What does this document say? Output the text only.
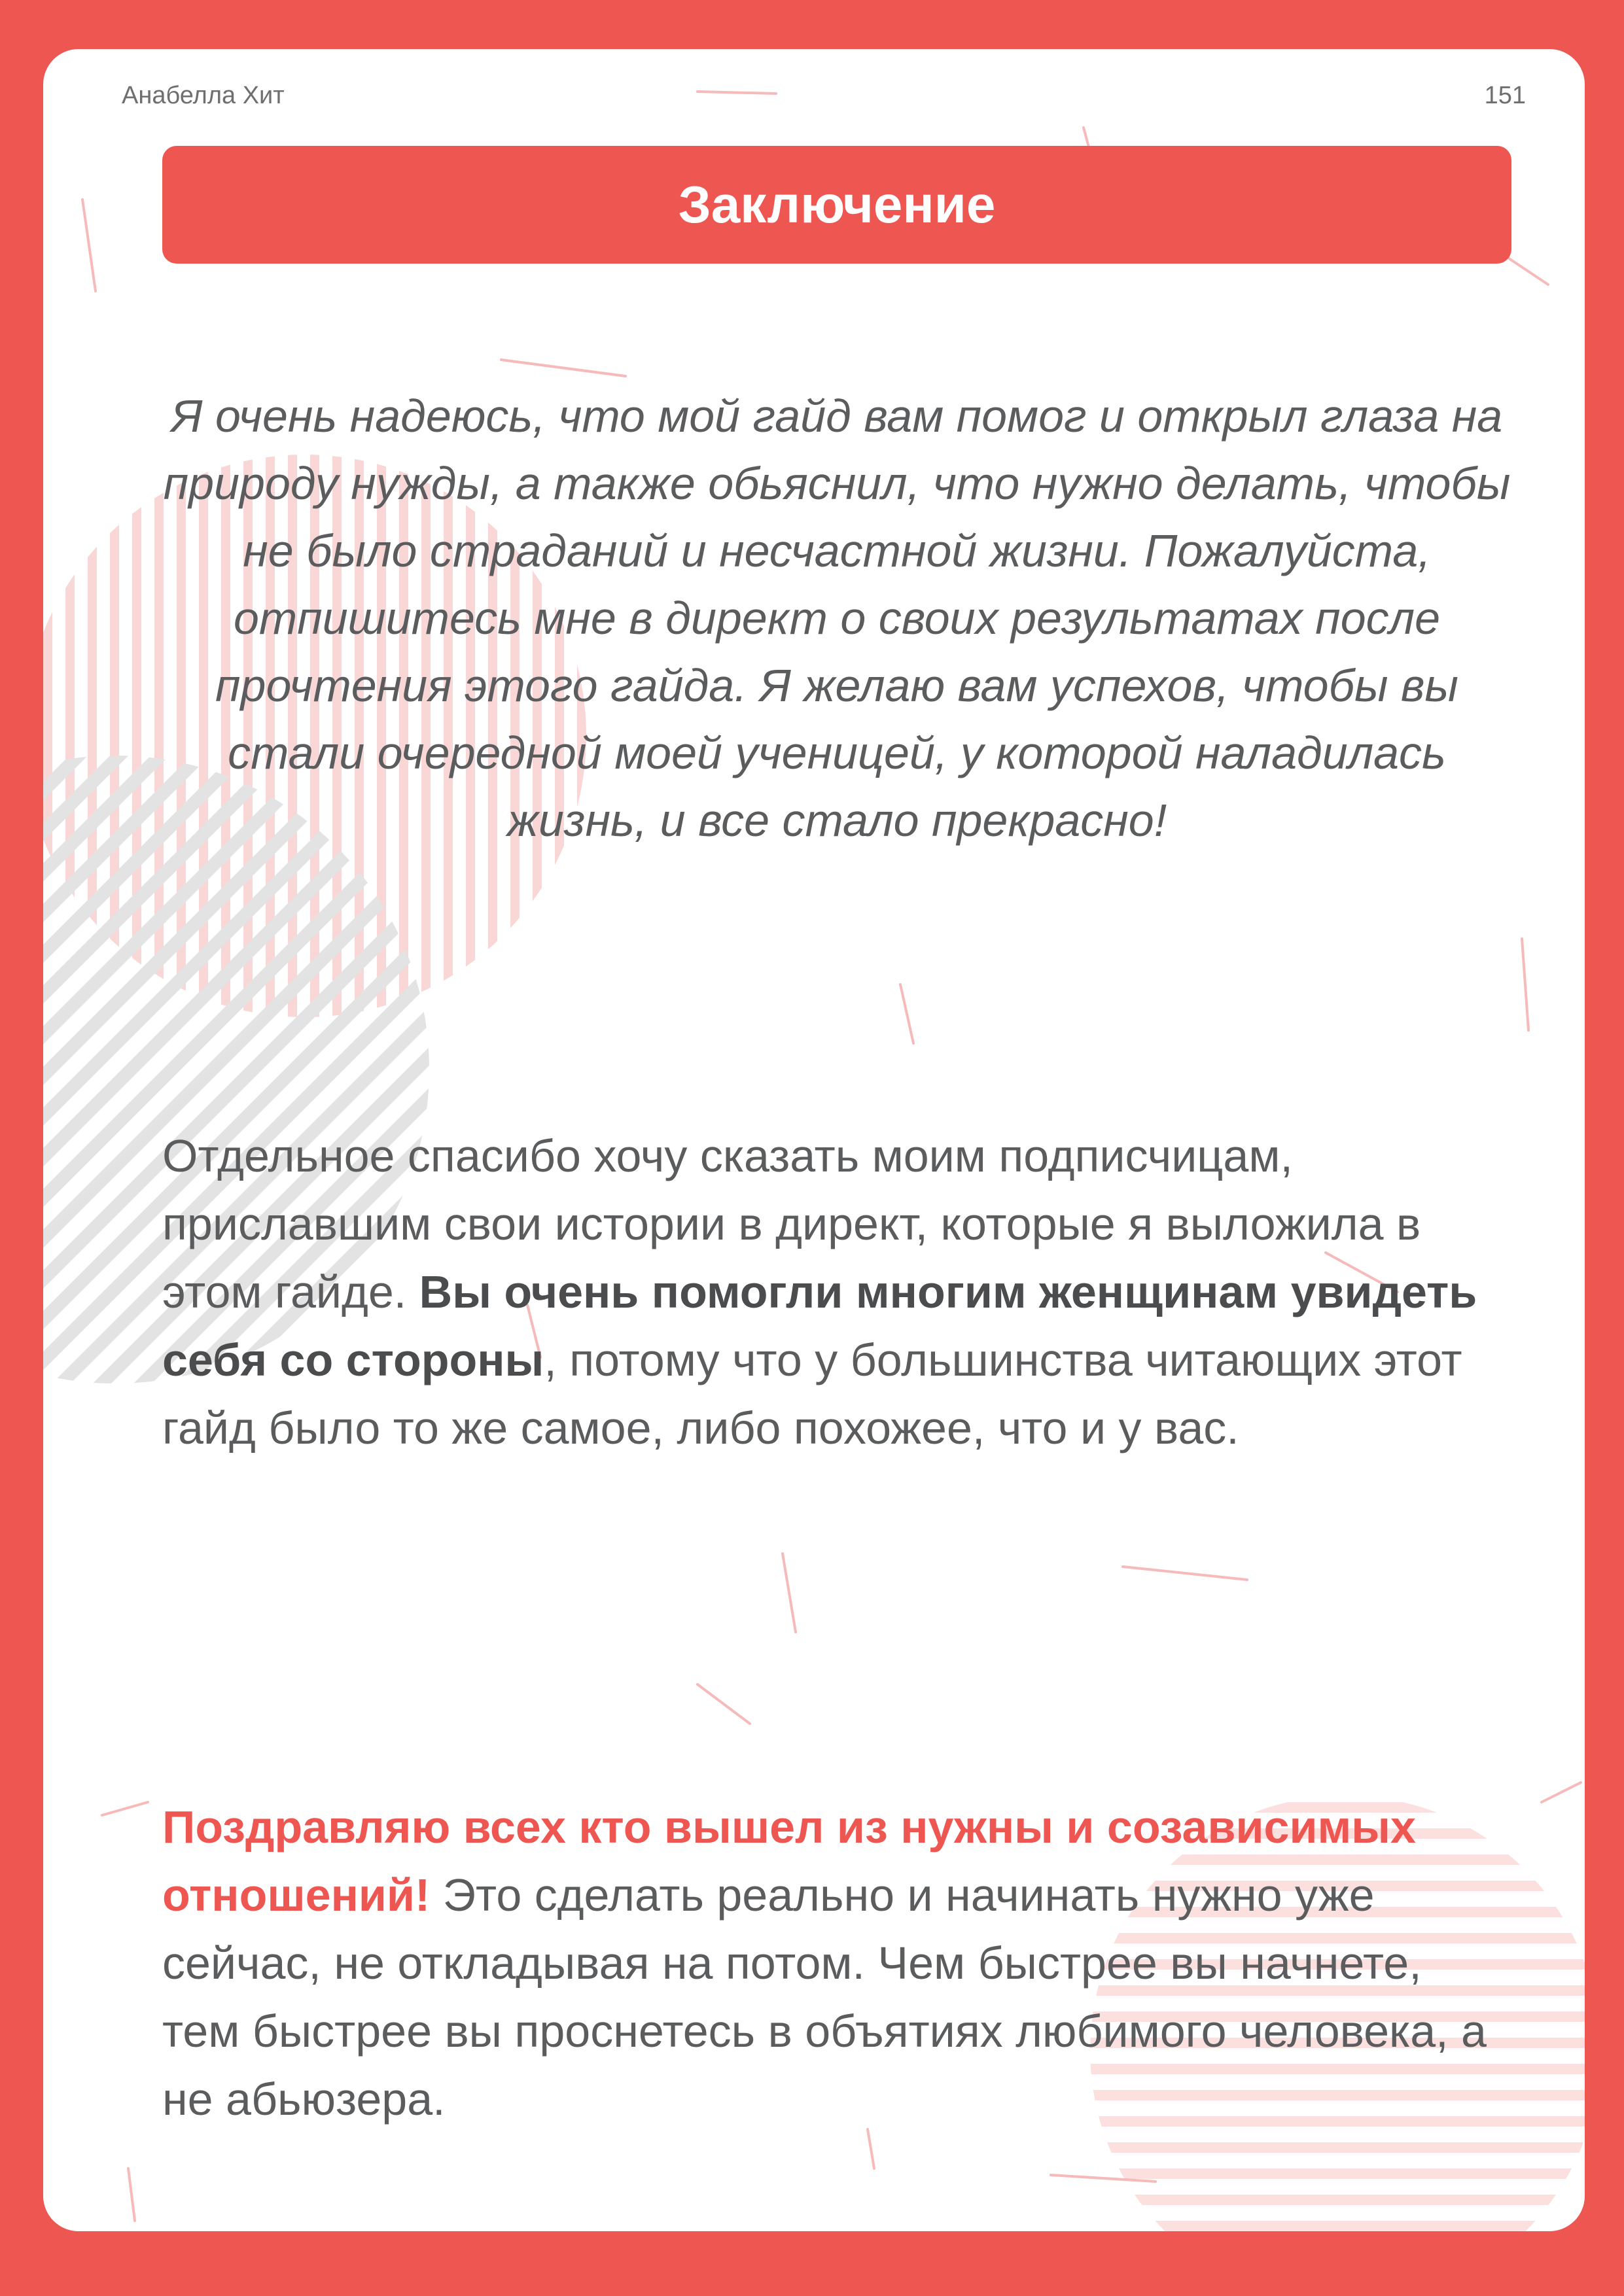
Анабелла Хит	151
Заключение

Я очень надеюсь, что мой гайд вам помог и открыл глаза на природу нужды, а также обьяснил, что нужно делать, чтобы не было страданий и несчастной жизни. Пожалуйста, отпишитесь мне в директ о своих результатах после прочтения этого гайда. Я желаю вам успехов, чтобы вы стали очередной моей ученицей, у которой наладилась жизнь, и все стало прекрасно!

Отдельное спасибо хочу сказать моим подписчицам, приславшим свои истории в директ, которые я выложила в этом гайде. Вы очень помогли многим женщинам увидеть себя со стороны, потому что у большинства читающих этот гайд было то же самое, либо похожее, что и у вас.

Поздравляю всех кто вышел из нужны и созависимых отношений! Это сделать реально и начинать нужно уже сейчас, не откладывая на потом. Чем быстрее вы начнете, тем быстрее вы проснетесь в объятиях любимого человека, а не абьюзера.
